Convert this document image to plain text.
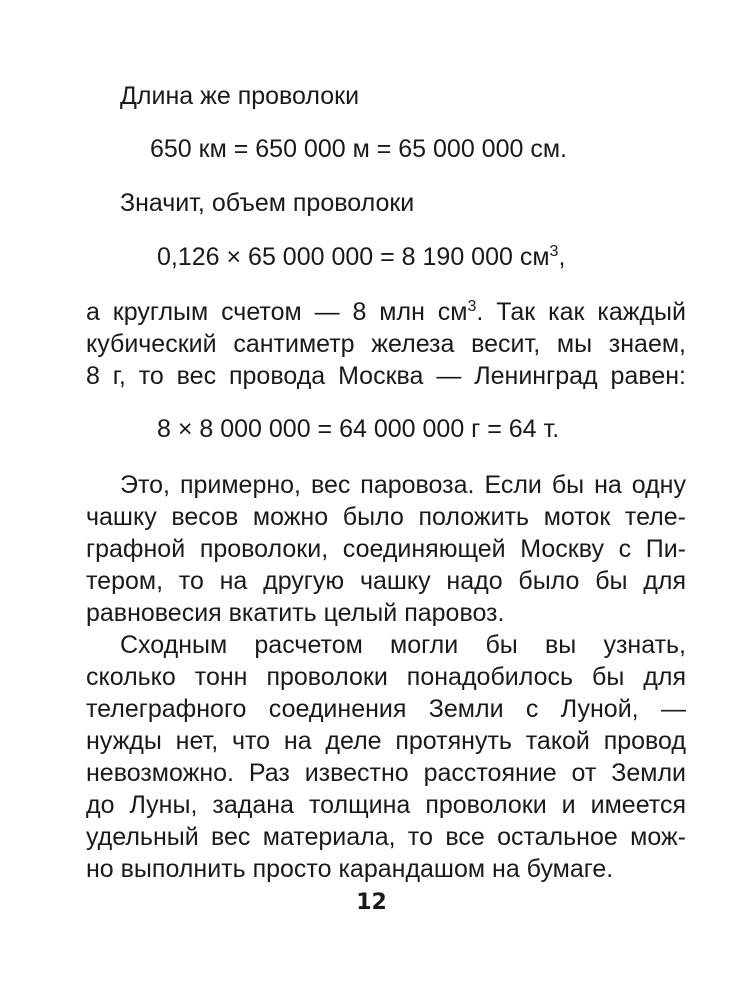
Длина же проволоки
650 км = 650 000 м = 65 000 000 см.
Значит, объем проволоки
0,126 × 65 000 000 = 8 190 000 $см^3$,
а круглым счетом — 8 млн $см^3$. Так как каждый
кубический сантиметр железа весит, мы знаем,
8 г, то вес провода Москва — Ленинград равен:
8 × 8 000 000 = 64 000 000 г = 64 т.
Это, примерно, вес паровоза. Если бы на одну
чашку весов можно было положить моток теле-
графной проволоки, соединяющей Москву с Пи-
тером, то на другую чашку надо было бы для
равновесия вкатить целый паровоз.
Сходным расчетом могли бы вы узнать,
сколько тонн проволоки понадобилось бы для
телеграфного соединения Земли с Луной, —
нужды нет, что на деле протянуть такой провод
невозможно. Раз известно расстояние от Земли
до Луны, задана толщина проволоки и имеется
удельный вес материала, то все остальное мож-
но выполнить просто карандашом на бумаге.
12
